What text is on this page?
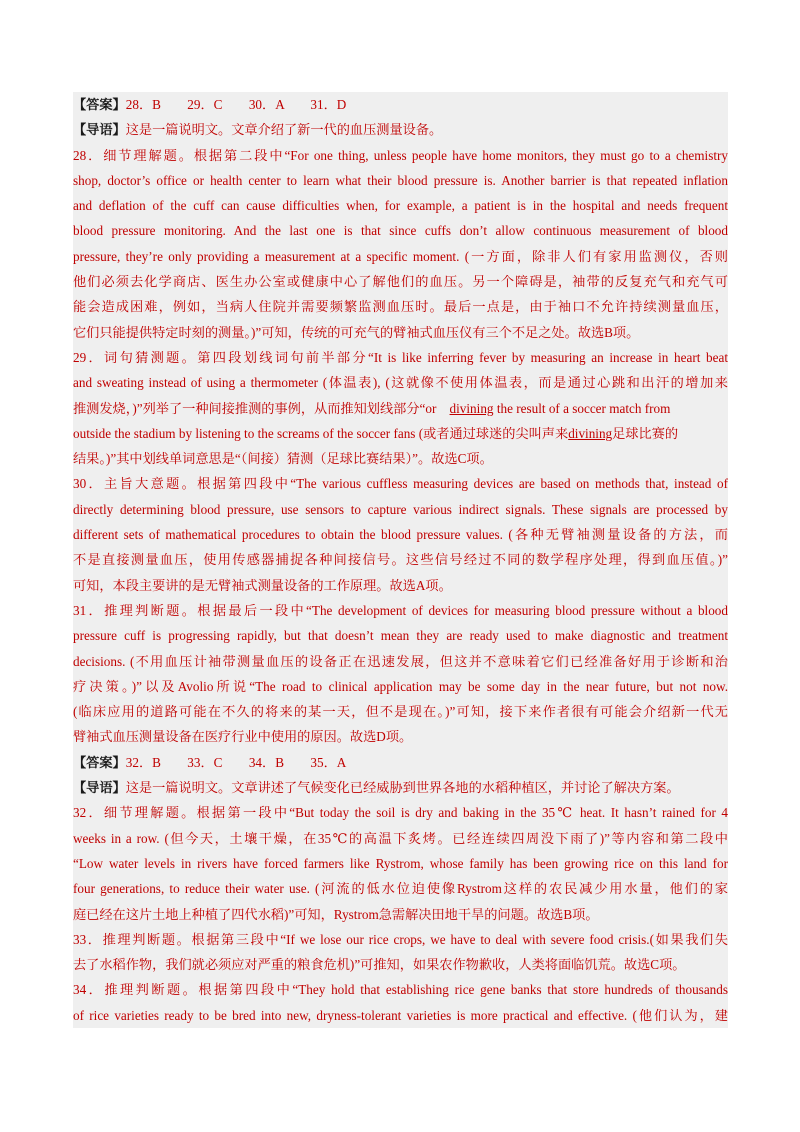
【答案】28．B　　29．C　　30．A　　31．D
【导语】这是一篇说明文。文章介绍了新一代的血压测量设备。
28．细节理解题。根据第二段中“For one thing, unless people have home monitors, they must go to a chemistry
shop, doctor’s office or health center to learn what their blood pressure is. Another barrier is that repeated inflation
and deflation of the cuff can cause difficulties when, for example, a patient is in the hospital and needs frequent
blood pressure monitoring. And the last one is that since cuffs don’t allow continuous measurement of blood
pressure, they’re only providing a measurement at a specific moment. (一方面，除非人们有家用监测仪，否则
他们必须去化学商店、医生办公室或健康中心了解他们的血压。另一个障碍是，袖带的反复充气和充气可
能会造成困难，例如，当病人住院并需要频繁监测血压时。最后一点是，由于袖口不允许持续测量血压，
它们只能提供特定时刻的测量。)”可知，传统的可充气的臂袖式血压仪有三个不足之处。故选B项。
29．词句猜测题。第四段划线词句前半部分“It is like inferring fever by measuring an increase in heart beat
and sweating instead of using a thermometer (体温表), (这就像不使用体温表，而是通过心跳和出汗的增加来
推测发烧，)”列举了一种间接推测的事例，从而推知划线部分“or divining the result of a soccer match from
outside the stadium by listening to the screams of the soccer fans (或者通过球迷的尖叫声来divining足球比赛的
结果。)”其中划线单词意思是“（间接）猜测（足球比赛结果）”。故选C项。
30．主旨大意题。根据第四段中“The various cuffless measuring devices are based on methods that, instead of
directly determining blood pressure, use sensors to capture various indirect signals. These signals are processed by
different sets of mathematical procedures to obtain the blood pressure values. (各种无臂袖测量设备的方法，而
不是直接测量血压，使用传感器捕捉各种间接信号。这些信号经过不同的数学程序处理，得到血压值。)”
可知，本段主要讲的是无臂袖式测量设备的工作原理。故选A项。
31．推理判断题。根据最后一段中“The development of devices for measuring blood pressure without a blood
pressure cuff is progressing rapidly, but that doesn’t mean they are ready used to make diagnostic and treatment
decisions. (不用血压计袖带测量血压的设备正在迅速发展，但这并不意味着它们已经准备好用于诊断和治
疗决策。)”以及Avolio所说“The road to clinical application may be some day in the near future, but not now.
(临床应用的道路可能在不久的将来的某一天，但不是现在。)”可知，接下来作者很有可能会介绍新一代无
臂袖式血压测量设备在医疗行业中使用的原因。故选D项。
【答案】32．B　　33．C　　34．B　　35．A
【导语】这是一篇说明文。文章讲述了气候变化已经威胁到世界各地的水稻种植区，并讨论了解决方案。
32．细节理解题。根据第一段中“But today the soil is dry and baking in the 35℃ heat. It hasn’t rained for 4
weeks in a row. (但今天，土壤干燥，在35℃的高温下炙烤。已经连续四周没下雨了)”等内容和第二段中
“Low water levels in rivers have forced farmers like Rystrom, whose family has been growing rice on this land for
four generations, to reduce their water use. (河流的低水位迫使像Rystrom这样的农民减少用水量，他们的家
庭已经在这片土地上种植了四代水稻)”可知，Rystrom急需解决田地干旱的问题。故选B项。
33．推理判断题。根据第三段中“If we lose our rice crops, we have to deal with severe food crisis.(如果我们失
去了水稻作物，我们就必须应对严重的粮食危机)”可推知，如果农作物歉收，人类将面临饥荒。故选C项。
34．推理判断题。根据第四段中“They hold that establishing rice gene banks that store hundreds of thousands
of rice varieties ready to be bred into new, dryness-tolerant varieties is more practical and effective. (他们认为，建
